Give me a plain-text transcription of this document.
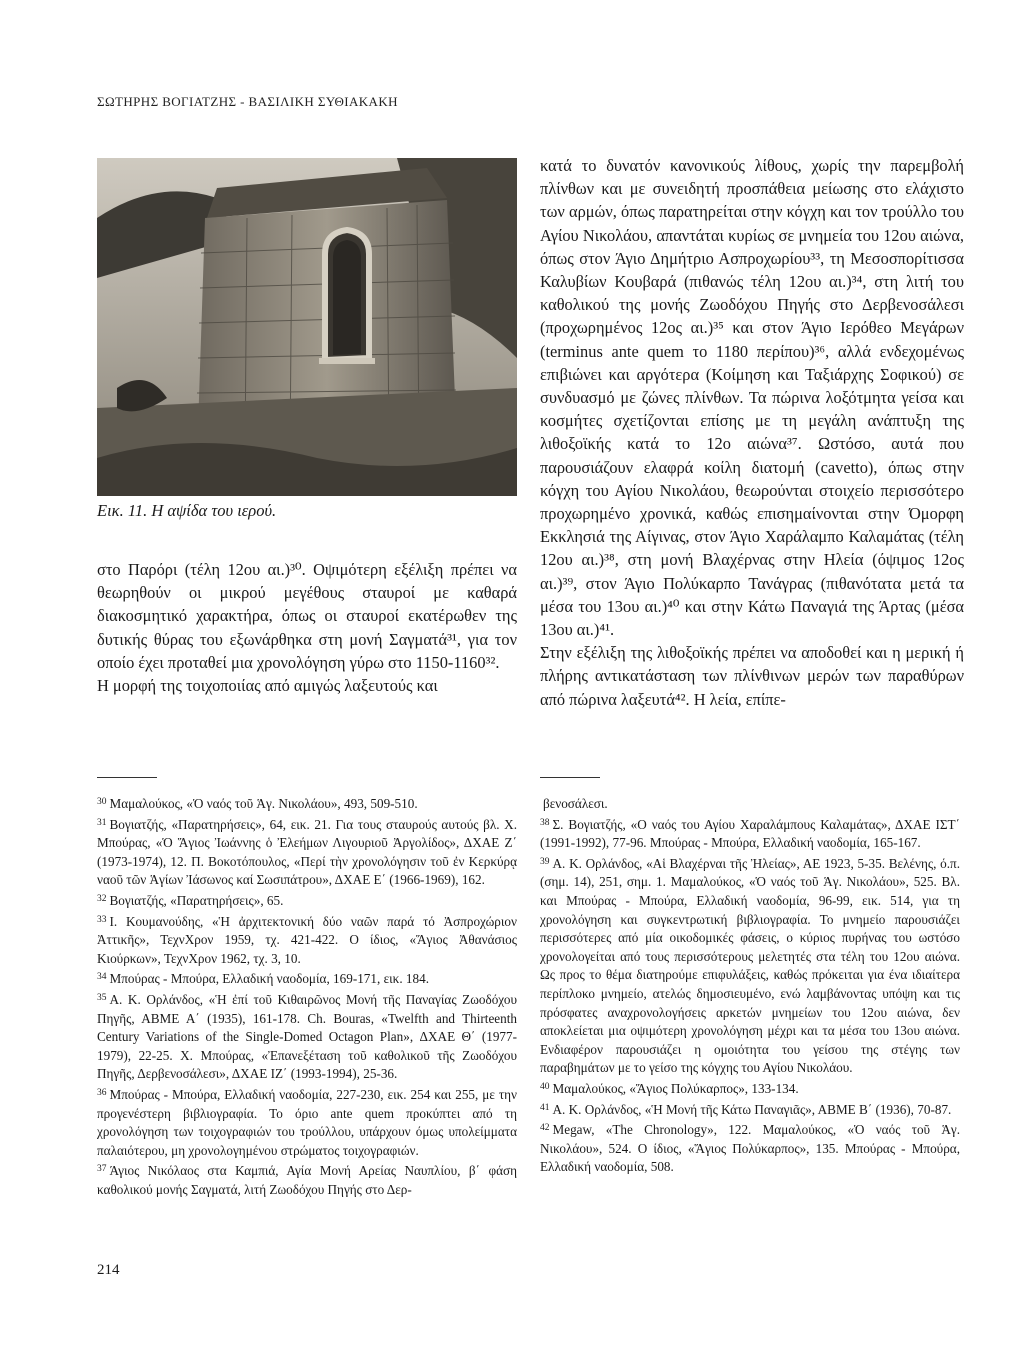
ΣΩΤΗΡΗΣ ΒΟΓΙΑΤΖΗΣ - ΒΑΣΙΛΙΚΗ ΣΥΘΙΑΚΑΚΗ
Εικ. 11. Η αψίδα του ιερού.

στο Παρόρι (τέλη 12ου αι.)³⁰. Οψιμότερη εξέλιξη πρέπει να θεωρηθούν οι μικρού μεγέθους σταυροί με καθαρά διακοσμητικό χαρακτήρα, όπως οι σταυροί εκατέρωθεν της δυτικής θύρας του εξωνάρθηκα στη μονή Σαγματά³¹, για τον οποίο έχει προταθεί μια χρονολόγηση γύρω στο 1150-1160³².

Η μορφή της τοιχοποιίας από αμιγώς λαξευτούς και

κατά το δυνατόν κανονικούς λίθους, χωρίς την παρεμβολή πλίνθων και με συνειδητή προσπάθεια μείωσης στο ελάχιστο των αρμών, όπως παρατηρείται στην κόγχη και τον τρούλλο του Αγίου Νικολάου, απαντάται κυρίως σε μνημεία του 12ου αιώνα, όπως στον Άγιο Δημήτριο Ασπροχωρίου³³, τη Μεσοσπορίτισσα Καλυβίων Κουβαρά (πιθανώς τέλη 12ου αι.)³⁴, στη λιτή του καθολικού της μονής Ζωοδόχου Πηγής στο Δερβενοσάλεσι (προχωρημένος 12ος αι.)³⁵ και στον Άγιο Ιερόθεο Μεγάρων (terminus ante quem το 1180 περίπου)³⁶, αλλά ενδεχομένως επιβιώνει και αργότερα (Κοίμηση και Ταξιάρχης Σοφικού) σε συνδυασμό με ζώνες πλίνθων. Τα πώρινα λοξότμητα γείσα και κοσμήτες σχετίζονται επίσης με τη μεγάλη ανάπτυξη της λιθοξοϊκής κατά το 12ο αιώνα³⁷. Ωστόσο, αυτά που παρουσιάζουν ελαφρά κοίλη διατομή (cavetto), όπως στην κόγχη του Αγίου Νικολάου, θεωρούνται στοιχείο περισσότερο προχωρημένο χρονικά, καθώς επισημαίνονται στην Όμορφη Εκκλησιά της Αίγινας, στον Άγιο Χαράλαμπο Καλαμάτας (τέλη 12ου αι.)³⁸, στη μονή Βλαχέρνας στην Ηλεία (όψιμος 12ος αι.)³⁹, στον Άγιο Πολύκαρπο Τανάγρας (πιθανότατα μετά τα μέσα του 13ου αι.)⁴⁰ και στην Κάτω Παναγιά της Άρτας (μέσα 13ου αι.)⁴¹.

Στην εξέλιξη της λιθοξοϊκής πρέπει να αποδοθεί και η μερική ή πλήρης αντικατάσταση των πλίνθινων μερών των παραθύρων από πώρινα λαξευτά⁴². Η λεία, επίπε-

$^{30}$ Μαμαλούκος, «Ὁ ναός τοῦ Ἁγ. Νικολάου», 493, 509-510.

$^{31}$ Βογιατζής, «Παρατηρήσεις», 64, εικ. 21. Για τους σταυρούς αυτούς βλ. Χ. Μπούρας, «Ὁ Ἅγιος Ἰωάννης ὁ Ἐλεήμων Λιγουριοῦ Ἀργολίδος», ΔΧΑΕ Ζ΄ (1973-1974), 12. Π. Βοκοτόπουλος, «Περί τὴν χρονολόγησιν τοῦ ἐν Κερκύρᾳ ναοῦ τῶν Ἁγίων Ἰάσωνος καί Σωσιπάτρου», ΔΧΑΕ Ε΄ (1966-1969), 162.

$^{32}$ Βογιατζής, «Παρατηρήσεις», 65.

$^{33}$ Ι. Κουμανούδης, «Ἡ ἀρχιτεκτονική δύο ναῶν παρά τό Ἀσπροχώριον Ἀττικῆς», ΤεχνΧρον 1959, τχ. 421-422. Ο ίδιος, «Ἅγιος Ἀθανάσιος Κιούρκων», ΤεχνΧρον 1962, τχ. 3, 10.

$^{34}$ Μπούρας - Μπούρα, Ελλαδική ναοδομία, 169-171, εικ. 184.

$^{35}$ Α. Κ. Ορλάνδος, «Ἡ ἐπί τοῦ Κιθαιρῶνος Μονή τῆς Παναγίας Ζωοδόχου Πηγῆς, ΑΒΜΕ Α΄ (1935), 161-178. Ch. Bouras, «Twelfth and Thirteenth Century Variations of the Single-Domed Octagon Plan», ΔΧΑΕ Θ΄ (1977-1979), 22-25. Χ. Μπούρας, «Ἐπανεξέταση τοῦ καθολικοῦ τῆς Ζωοδόχου Πηγῆς, Δερβενοσάλεσι», ΔΧΑΕ ΙΖ΄ (1993-1994), 25-36.

$^{36}$ Μπούρας - Μπούρα, Ελλαδική ναοδομία, 227-230, εικ. 254 και 255, με την προγενέστερη βιβλιογραφία. Το όριο ante quem προκύπτει από τη χρονολόγηση των τοιχογραφιών του τρούλλου, υπάρχουν όμως υπολείμματα παλαιότερου, μη χρονολογημένου στρώματος τοιχογραφιών.

$^{37}$ Άγιος Νικόλαος στα Καμπιά, Αγία Μονή Αρείας Ναυπλίου, β΄ φάση καθολικού μονής Σαγματά, λιτή Ζωοδόχου Πηγής στο Δερ-

βενοσάλεσι.

$^{38}$ Σ. Βογιατζής, «Ο ναός του Αγίου Χαραλάμπους Καλαμάτας», ΔΧΑΕ ΙΣΤ΄ (1991-1992), 77-96. Μπούρας - Μπούρα, Ελλαδική ναοδομία, 165-167.

$^{39}$ Α. Κ. Ορλάνδος, «Αἱ Βλαχέρναι τῆς Ἠλείας», ΑΕ 1923, 5-35. Βελένης, ό.π. (σημ. 14), 251, σημ. 1. Μαμαλούκος, «Ὁ ναός τοῦ Ἁγ. Νικολάου», 525. Βλ. και Μπούρας - Μπούρα, Ελλαδική ναοδομία, 96-99, εικ. 514, για τη χρονολόγηση και συγκεντρωτική βιβλιογραφία. Το μνημείο παρουσιάζει περισσότερες από μία οικοδομικές φάσεις, ο κύριος πυρήνας του ωστόσο χρονολογείται από τους περισσότερους μελετητές στα τέλη του 12ου αιώνα. Ως προς το θέμα διατηρούμε επιφυλάξεις, καθώς πρόκειται για ένα ιδιαίτερα περίπλοκο μνημείο, ατελώς δημοσιευμένο, ενώ λαμβάνοντας υπόψη και τις πρόσφατες αναχρονολογήσεις αρκετών μνημείων του 12ου αιώνα, δεν αποκλείεται μια οψιμότερη χρονολόγηση μέχρι και τα μέσα του 13ου αιώνα. Ενδιαφέρον παρουσιάζει η ομοιότητα του γείσου της στέγης των παραβημάτων με το γείσο της κόγχης του Αγίου Νικολάου.

$^{40}$ Μαμαλούκος, «Ἅγιος Πολύκαρπος», 133-134.

$^{41}$ Α. Κ. Ορλάνδος, «Ἡ Μονή τῆς Κάτω Παναγιᾶς», ΑΒΜΕ Β΄ (1936), 70-87.

$^{42}$ Megaw, «The Chronology», 122. Μαμαλούκος, «Ὁ ναός τοῦ Ἁγ. Νικολάου», 524. Ο ίδιος, «Ἅγιος Πολύκαρπος», 135. Μπούρας - Μπούρα, Ελλαδική ναοδομία, 508.

214
